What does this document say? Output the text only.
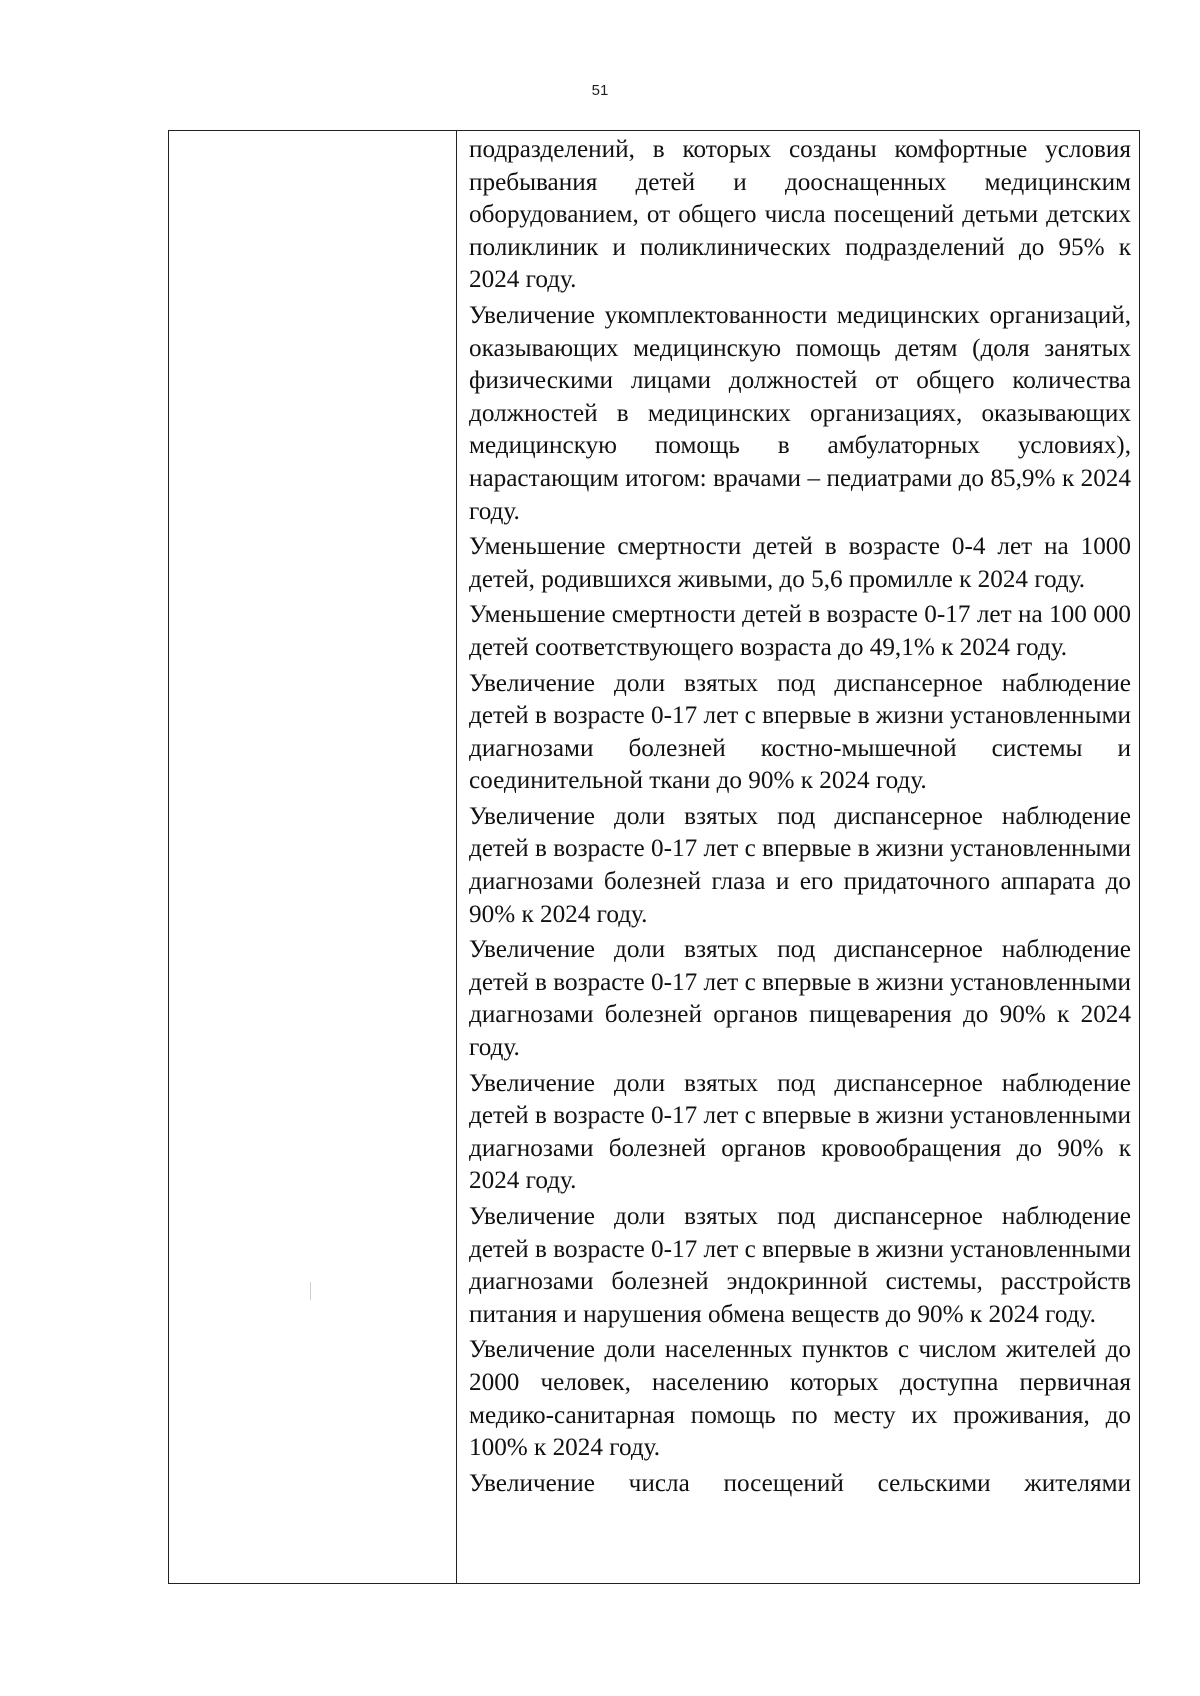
51

подразделений, в которых созданы комфортные условия пребывания детей и дооснащенных медицинским оборудованием, от общего числа посещений детьми детских поликлиник и поликлинических подразделений до 95% к 2024 году.

Увеличение укомплектованности медицинских организаций, оказывающих медицинскую помощь детям (доля занятых физическими лицами должностей от общего количества должностей в медицинских организациях, оказывающих медицинскую помощь в амбулаторных условиях), нарастающим итогом: врачами – педиатрами до 85,9% к 2024 году.

Уменьшение смертности детей в возрасте 0-4 лет на 1000 детей, родившихся живыми, до 5,6 промилле к 2024 году.

Уменьшение смертности детей в возрасте 0-17 лет на 100 000 детей соответствующего возраста до 49,1% к 2024 году.

Увеличение доли взятых под диспансерное наблюдение детей в возрасте 0-17 лет с впервые в жизни установленными диагнозами болезней костно-мышечной системы и соединительной ткани до 90% к 2024 году.

Увеличение доли взятых под диспансерное наблюдение детей в возрасте 0-17 лет с впервые в жизни установленными диагнозами болезней глаза и его придаточного аппарата до 90% к 2024 году.

Увеличение доли взятых под диспансерное наблюдение детей в возрасте 0-17 лет с впервые в жизни установленными диагнозами болезней органов пищеварения до 90% к 2024 году.

Увеличение доли взятых под диспансерное наблюдение детей в возрасте 0-17 лет с впервые в жизни установленными диагнозами болезней органов кровообращения до 90% к 2024 году.

Увеличение доли взятых под диспансерное наблюдение детей в возрасте 0-17 лет с впервые в жизни установленными диагнозами болезней эндокринной системы, расстройств питания и нарушения обмена веществ до 90% к 2024 году.

Увеличение доли населенных пунктов с числом жителей до 2000 человек, населению которых доступна первичная медико-санитарная помощь по месту их проживания, до 100% к 2024 году.

Увеличение числа посещений сельскими жителями
